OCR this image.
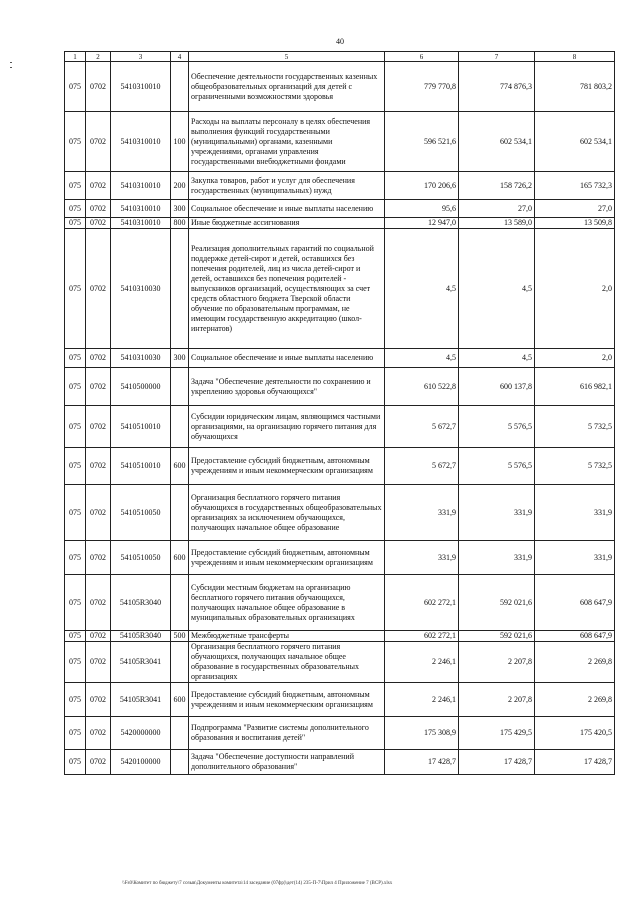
40
1	2	3	4	5	6	7	8
075	0702	5410310010		Обеспечение деятельности государственных казенных общеобразовательных организаций для детей с ограниченными возможностями здоровья	779 770,8	774 876,3	781 803,2
075	0702	5410310010	100	Расходы на выплаты персоналу в целях обеспечения выполнения функций государственными (муниципальными) органами, казенными учреждениями, органами управления государственными внебюджетными фондами	596 521,6	602 534,1	602 534,1
075	0702	5410310010	200	Закупка товаров, работ и услуг для обеспечения государственных (муниципальных) нужд	170 206,6	158 726,2	165 732,3
075	0702	5410310010	300	Социальное обеспечение и иные выплаты населению	95,6	27,0	27,0
075	0702	5410310010	800	Иные бюджетные ассигнования	12 947,0	13 589,0	13 509,8
075	0702	5410310030		Реализация дополнительных гарантий по социальной поддержке детей-сирот и детей, оставшихся без попечения родителей, лиц из числа детей-сирот и детей, оставшихся без попечения родителей - выпускников организаций, осуществляющих за счет средств областного бюджета Тверской области обучение по образовательным программам, не имеющим государственную аккредитацию (школ-интернатов)	4,5	4,5	2,0
075	0702	5410310030	300	Социальное обеспечение и иные выплаты населению	4,5	4,5	2,0
075	0702	5410500000		Задача "Обеспечение деятельности по сохранению и укреплению здоровья обучающихся"	610 522,8	600 137,8	616 982,1
075	0702	5410510010		Субсидии юридическим лицам, являющимся частными организациями, на организацию горячего питания для обучающихся	5 672,7	5 576,5	5 732,5
075	0702	5410510010	600	Предоставление субсидий бюджетным, автономным учреждениям и иным некоммерческим организациям	5 672,7	5 576,5	5 732,5
075	0702	5410510050		Организация бесплатного горячего питания обучающихся в государственных общеобразовательных организациях за исключением обучающихся, получающих начальное общее образование	331,9	331,9	331,9
075	0702	5410510050	600	Предоставление субсидий бюджетным, автономным учреждениям и иным некоммерческим организациям	331,9	331,9	331,9
075	0702	54105R3040		Субсидии местным бюджетам на организацию бесплатного горячего питания обучающихся, получающих начальное общее образование в муниципальных образовательных организациях	602 272,1	592 021,6	608 647,9
075	0702	54105R3040	500	Межбюджетные трансферты	602 272,1	592 021,6	608 647,9
075	0702	54105R3041		Организация бесплатного горячего питания обучающихся, получающих начальное общее образование в государственных образовательных организациях	2 246,1	2 207,8	2 269,8
075	0702	54105R3041	600	Предоставление субсидий бюджетным, автономным учреждениям и иным некоммерческим организациям	2 246,1	2 207,8	2 269,8
075	0702	5420000000		Подпрограмма "Развитие системы дополнительного образования и воспитания детей"	175 308,9	175 429,5	175 420,5
075	0702	5420100000		Задача "Обеспечение доступности направлений дополнительного образования"	17 428,7	17 428,7	17 428,7
\\Fs0\Комитет по бюджету\7 созыв\Документы комитета\14 заседание (07фр)\дет(14) 235-П-7\Прил 4 Приложение 7 (ВСР).xlsx
